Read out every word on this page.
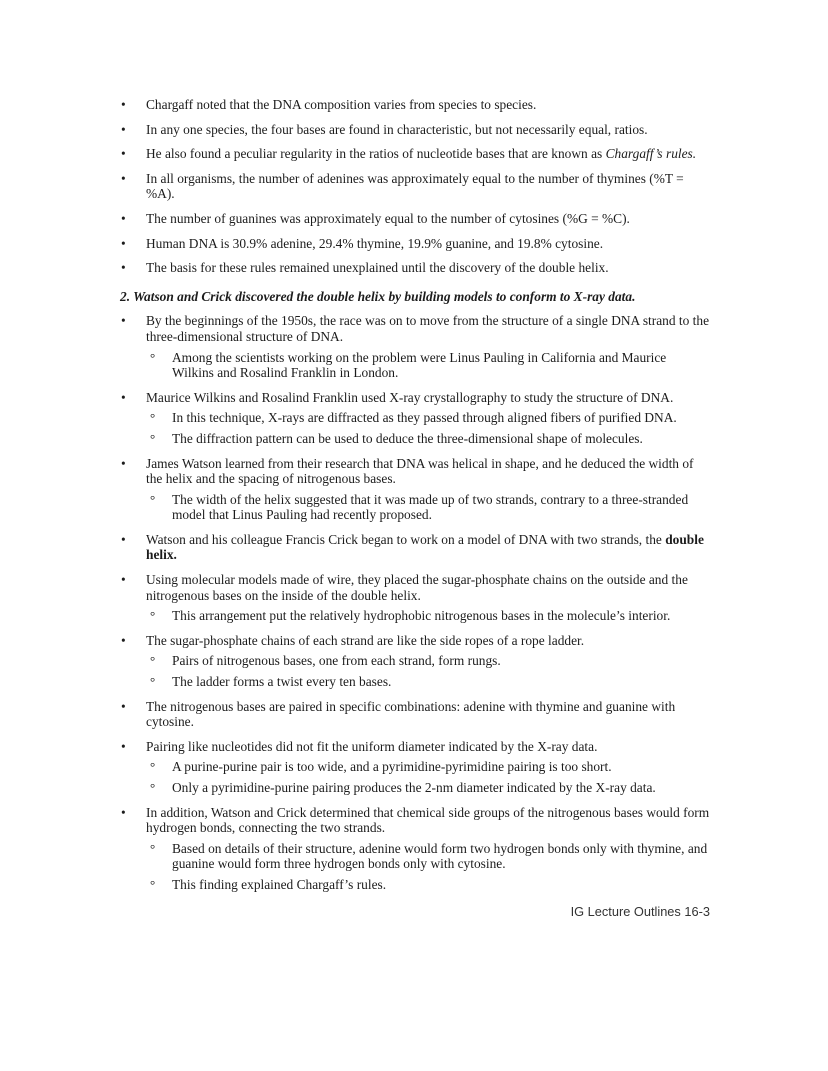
• Chargaff noted that the DNA composition varies from species to species.
• In any one species, the four bases are found in characteristic, but not necessarily equal, ratios.
• He also found a peculiar regularity in the ratios of nucleotide bases that are known as Chargaff’s rules.
• In all organisms, the number of adenines was approximately equal to the number of thymines (%T = %A).
• The number of guanines was approximately equal to the number of cytosines (%G = %C).
• Human DNA is 30.9% adenine, 29.4% thymine, 19.9% guanine, and 19.8% cytosine.
• The basis for these rules remained unexplained until the discovery of the double helix.
2. Watson and Crick discovered the double helix by building models to conform to X-ray data.
• By the beginnings of the 1950s, the race was on to move from the structure of a single DNA strand to the three-dimensional structure of DNA.
° Among the scientists working on the problem were Linus Pauling in California and Maurice Wilkins and Rosalind Franklin in London.
• Maurice Wilkins and Rosalind Franklin used X-ray crystallography to study the structure of DNA.
° In this technique, X-rays are diffracted as they passed through aligned fibers of purified DNA.
° The diffraction pattern can be used to deduce the three-dimensional shape of molecules.
• James Watson learned from their research that DNA was helical in shape, and he deduced the width of the helix and the spacing of nitrogenous bases.
° The width of the helix suggested that it was made up of two strands, contrary to a three-stranded model that Linus Pauling had recently proposed.
• Watson and his colleague Francis Crick began to work on a model of DNA with two strands, the double helix.
• Using molecular models made of wire, they placed the sugar-phosphate chains on the outside and the nitrogenous bases on the inside of the double helix.
° This arrangement put the relatively hydrophobic nitrogenous bases in the molecule’s interior.
• The sugar-phosphate chains of each strand are like the side ropes of a rope ladder.
° Pairs of nitrogenous bases, one from each strand, form rungs.
° The ladder forms a twist every ten bases.
• The nitrogenous bases are paired in specific combinations: adenine with thymine and guanine with cytosine.
• Pairing like nucleotides did not fit the uniform diameter indicated by the X-ray data.
° A purine-purine pair is too wide, and a pyrimidine-pyrimidine pairing is too short.
° Only a pyrimidine-purine pairing produces the 2-nm diameter indicated by the X-ray data.
• In addition, Watson and Crick determined that chemical side groups of the nitrogenous bases would form hydrogen bonds, connecting the two strands.
° Based on details of their structure, adenine would form two hydrogen bonds only with thymine, and guanine would form three hydrogen bonds only with cytosine.
° This finding explained Chargaff’s rules.
IG Lecture Outlines 16-3
